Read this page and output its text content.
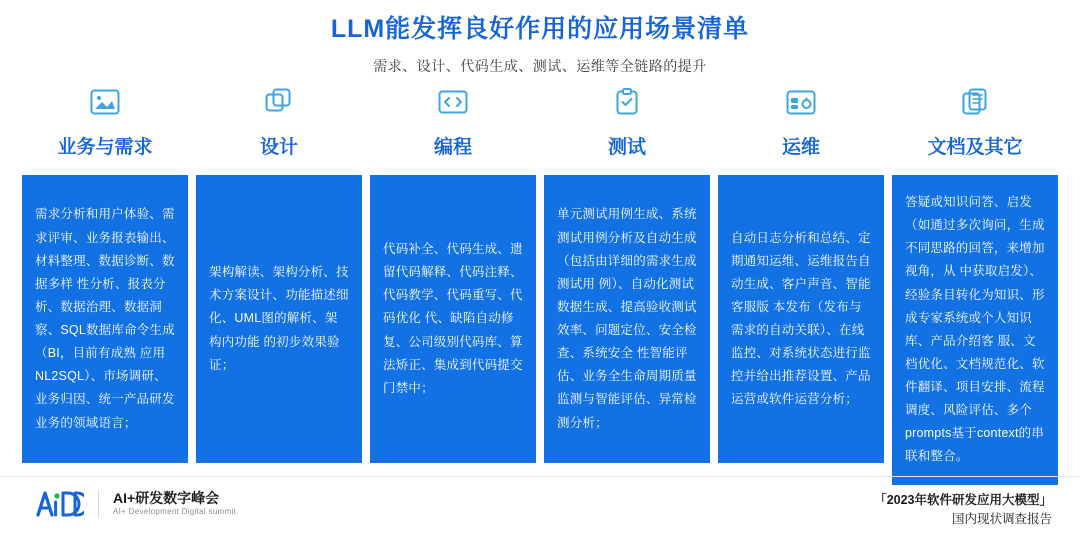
LLM能发挥良好作用的应用场景清单
需求、设计、代码生成、测试、运维等全链路的提升
业务与需求
需求分析和用户体验、需求评审、业务报表输出、材料整理、数据诊断、数据多样 性分析、报表分析、数据治理、数据洞察、SQL数据库命令生成（BI，目前有成熟 应用 NL2SQL）、市场调研、业务归因、统一产品研发业务的领域语言；
设计
架构解读、架构分析、技术方案设计、功能描述细化、UML图的解析、架构内功能 的初步效果验证；
编程
代码补全、代码生成、遗留代码解释、代码注释、代码教学、代码重写、代码优化 代、缺陷自动修复、公司级别代码库、算法矫正、集成到代码提交门禁中；
测试
单元测试用例生成、系统测试用例分析及自动生成（包括由详细的需求生成测试用 例）、自动化测试数据生成、提高验收测试效率、问题定位、安全检查、系统安全 性智能评估、业务全生命周期质量监测与智能评估、异常检测分析；
运维
自动日志分析和总结、定期通知运维、运维报告自动生成、客户声音、智能客服版 本发布（发布与需求的自动关联）、在线监控、对系统状态进行监控并给出推荐设置、产品运营或软件运营分析；
文档及其它
答疑或知识问答、启发（如通过多次询问，生成不同思路的回答，来增加视角，从 中获取启发）、经验条目转化为知识、形成专家系统或个人知识库、产品介绍客 服、文档优化、文档规范化、软件翻译、项目安排、流程调度、风险评估、多个 prompts基于context的串联和整合。
AI+研发数字峰会
AI+ Development Digital summit
「2023年软件研发应用大模型」
国内现状调查报告
